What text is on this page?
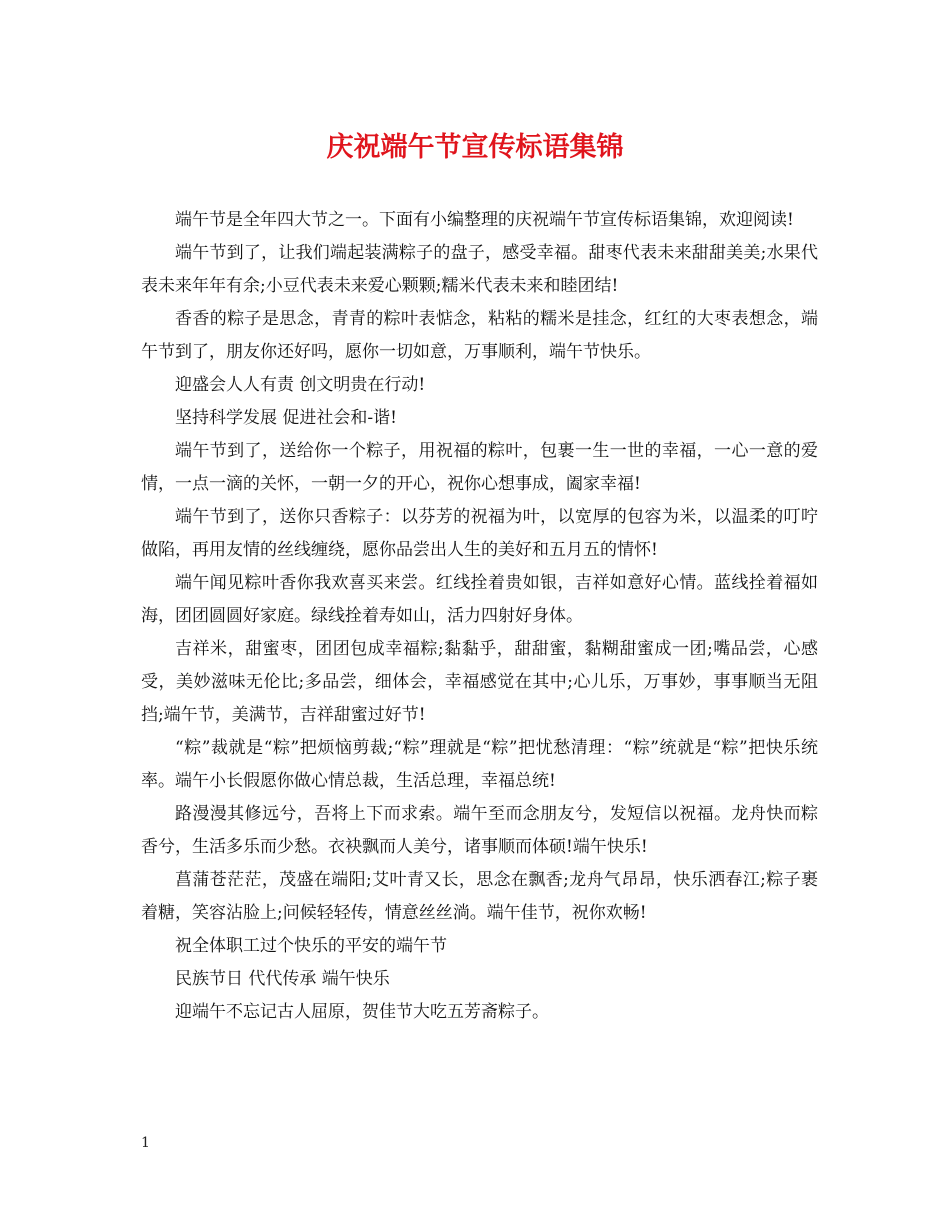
庆祝端午节宣传标语集锦

端午节是全年四大节之一。下面有小编整理的庆祝端午节宣传标语集锦，欢迎阅读!

端午节到了，让我们端起装满粽子的盘子，感受幸福。甜枣代表未来甜甜美美;水果代表未来年年有余;小豆代表未来爱心颗颗;糯米代表未来和睦团结!

香香的粽子是思念，青青的粽叶表惦念，粘粘的糯米是挂念，红红的大枣表想念，端午节到了，朋友你还好吗，愿你一切如意，万事顺利，端午节快乐。

迎盛会人人有责 创文明贵在行动!

坚持科学发展 促进社会和-谐!

端午节到了，送给你一个粽子，用祝福的粽叶，包裹一生一世的幸福，一心一意的爱情，一点一滴的关怀，一朝一夕的开心，祝你心想事成，阖家幸福!

端午节到了，送你只香粽子：以芬芳的祝福为叶，以宽厚的包容为米，以温柔的叮咛做陷，再用友情的丝线缠绕，愿你品尝出人生的美好和五月五的情怀!

端午闻见粽叶香你我欢喜买来尝。红线拴着贵如银，吉祥如意好心情。蓝线拴着福如海，团团圆圆好家庭。绿线拴着寿如山，活力四射好身体。

吉祥米，甜蜜枣，团团包成幸福粽;黏黏乎，甜甜蜜，黏糊甜蜜成一团;嘴品尝，心感受，美妙滋味无伦比;多品尝，细体会，幸福感觉在其中;心儿乐，万事妙，事事顺当无阻挡;端午节，美满节，吉祥甜蜜过好节!

“粽”裁就是“粽”把烦恼剪裁;“粽”理就是“粽”把忧愁清理：“粽”统就是“粽”把快乐统率。端午小长假愿你做心情总裁，生活总理，幸福总统!

路漫漫其修远兮，吾将上下而求索。端午至而念朋友兮，发短信以祝福。龙舟快而粽香兮，生活多乐而少愁。衣袂飘而人美兮，诸事顺而体硕!端午快乐!

菖蒲苍茫茫，茂盛在端阳;艾叶青又长，思念在飘香;龙舟气昂昂，快乐洒春江;粽子裹着糖，笑容沾脸上;问候轻轻传，情意丝丝淌。端午佳节，祝你欢畅!

祝全体职工过个快乐的平安的端午节

民族节日 代代传承 端午快乐

迎端午不忘记古人屈原，贺佳节大吃五芳斋粽子。

1
